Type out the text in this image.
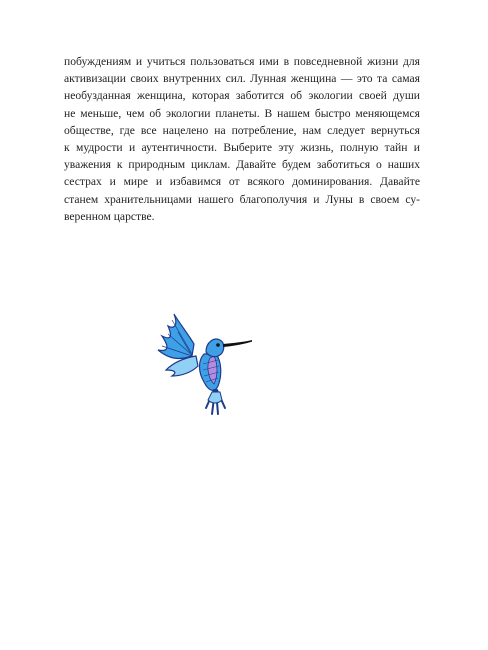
побуждениям и учиться пользоваться ими в повседневной жизни для
активизации своих внутренних сил. Лунная женщина — это та самая
необузданная женщина, которая заботится об экологии своей души
не меньше, чем об экологии планеты. В нашем быстро меняющемся
обществе, где все нацелено на потребление, нам следует вернуться
к мудрости и аутентичности. Выберите эту жизнь, полную тайн и
уважения к природным циклам. Давайте будем заботиться о наших
сестрах и мире и избавимся от всякого доминирования. Давайте
станем хранительницами нашего благополучия и Луны в своем су-
веренном царстве.
